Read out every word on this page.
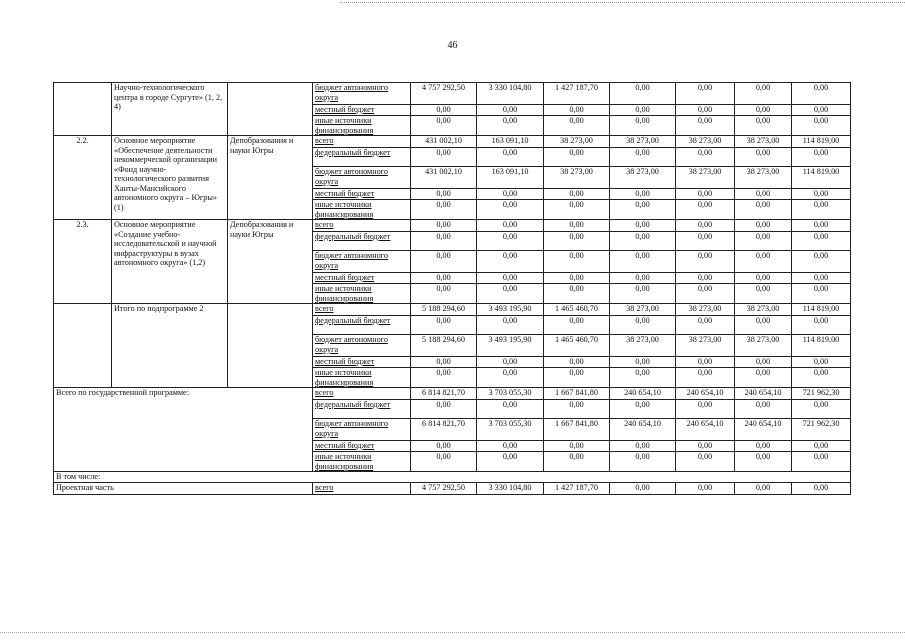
46
	Научно-технологического центра в городе Сургуте» (1, 2, 4)		бюджет автономного округа	4 757 292,50	3 330 104,80	1 427 187,70	0,00	0,00	0,00	0,00
			местный бюджет	0,00	0,00	0,00	0,00	0,00	0,00	0,00
			иные источники финансирования	0,00	0,00	0,00	0,00	0,00	0,00	0,00
2.2.	Основное мероприятие «Обеспечение деятельности некоммерческой организации «Фонд научно-технологического развития Ханты-Мансийского автономного округа – Югры» (1)	Депобразования и науки Югры	всего	431 002,10	163 091,10	38 273,00	38 273,00	38 273,00	38 273,00	114 819,00
			федеральный бюджет	0,00	0,00	0,00	0,00	0,00	0,00	0,00
			бюджет автономного округа	431 002,10	163 091,10	38 273,00	38 273,00	38 273,00	38 273,00	114 819,00
			местный бюджет	0,00	0,00	0,00	0,00	0,00	0,00	0,00
			иные источники финансирования	0,00	0,00	0,00	0,00	0,00	0,00	0,00
2.3.	Основное мероприятие «Создание учебно-исследовательской и научной инфраструктуры в вузах автономного округа» (1,2)	Депобразования и науки Югры	всего	0,00	0,00	0,00	0,00	0,00	0,00	0,00
			федеральный бюджет	0,00	0,00	0,00	0,00	0,00	0,00	0,00
			бюджет автономного округа	0,00	0,00	0,00	0,00	0,00	0,00	0,00
			местный бюджет	0,00	0,00	0,00	0,00	0,00	0,00	0,00
			иные источники финансирования	0,00	0,00	0,00	0,00	0,00	0,00	0,00
	Итого по подпрограмме 2		всего	5 188 294,60	3 493 195,90	1 465 460,70	38 273,00	38 273,00	38 273,00	114 819,00
			федеральный бюджет	0,00	0,00	0,00	0,00	0,00	0,00	0,00
			бюджет автономного округа	5 188 294,60	3 493 195,90	1 465 460,70	38 273,00	38 273,00	38 273,00	114 819,00
			местный бюджет	0,00	0,00	0,00	0,00	0,00	0,00	0,00
			иные источники финансирования	0,00	0,00	0,00	0,00	0,00	0,00	0,00
Всего по государственной программе:			всего	6 814 821,70	3 703 055,30	1 667 841,80	240 654,10	240 654,10	240 654,10	721 962,30
			федеральный бюджет	0,00	0,00	0,00	0,00	0,00	0,00	0,00
			бюджет автономного округа	6 814 821,70	3 703 055,30	1 667 841,80	240 654,10	240 654,10	240 654,10	721 962,30
			местный бюджет	0,00	0,00	0,00	0,00	0,00	0,00	0,00
			иные источники финансирования	0,00	0,00	0,00	0,00	0,00	0,00	0,00
В том числе:										
Проектная часть			всего	4 757 292,50	3 330 104,80	1 427 187,70	0,00	0,00	0,00	0,00
